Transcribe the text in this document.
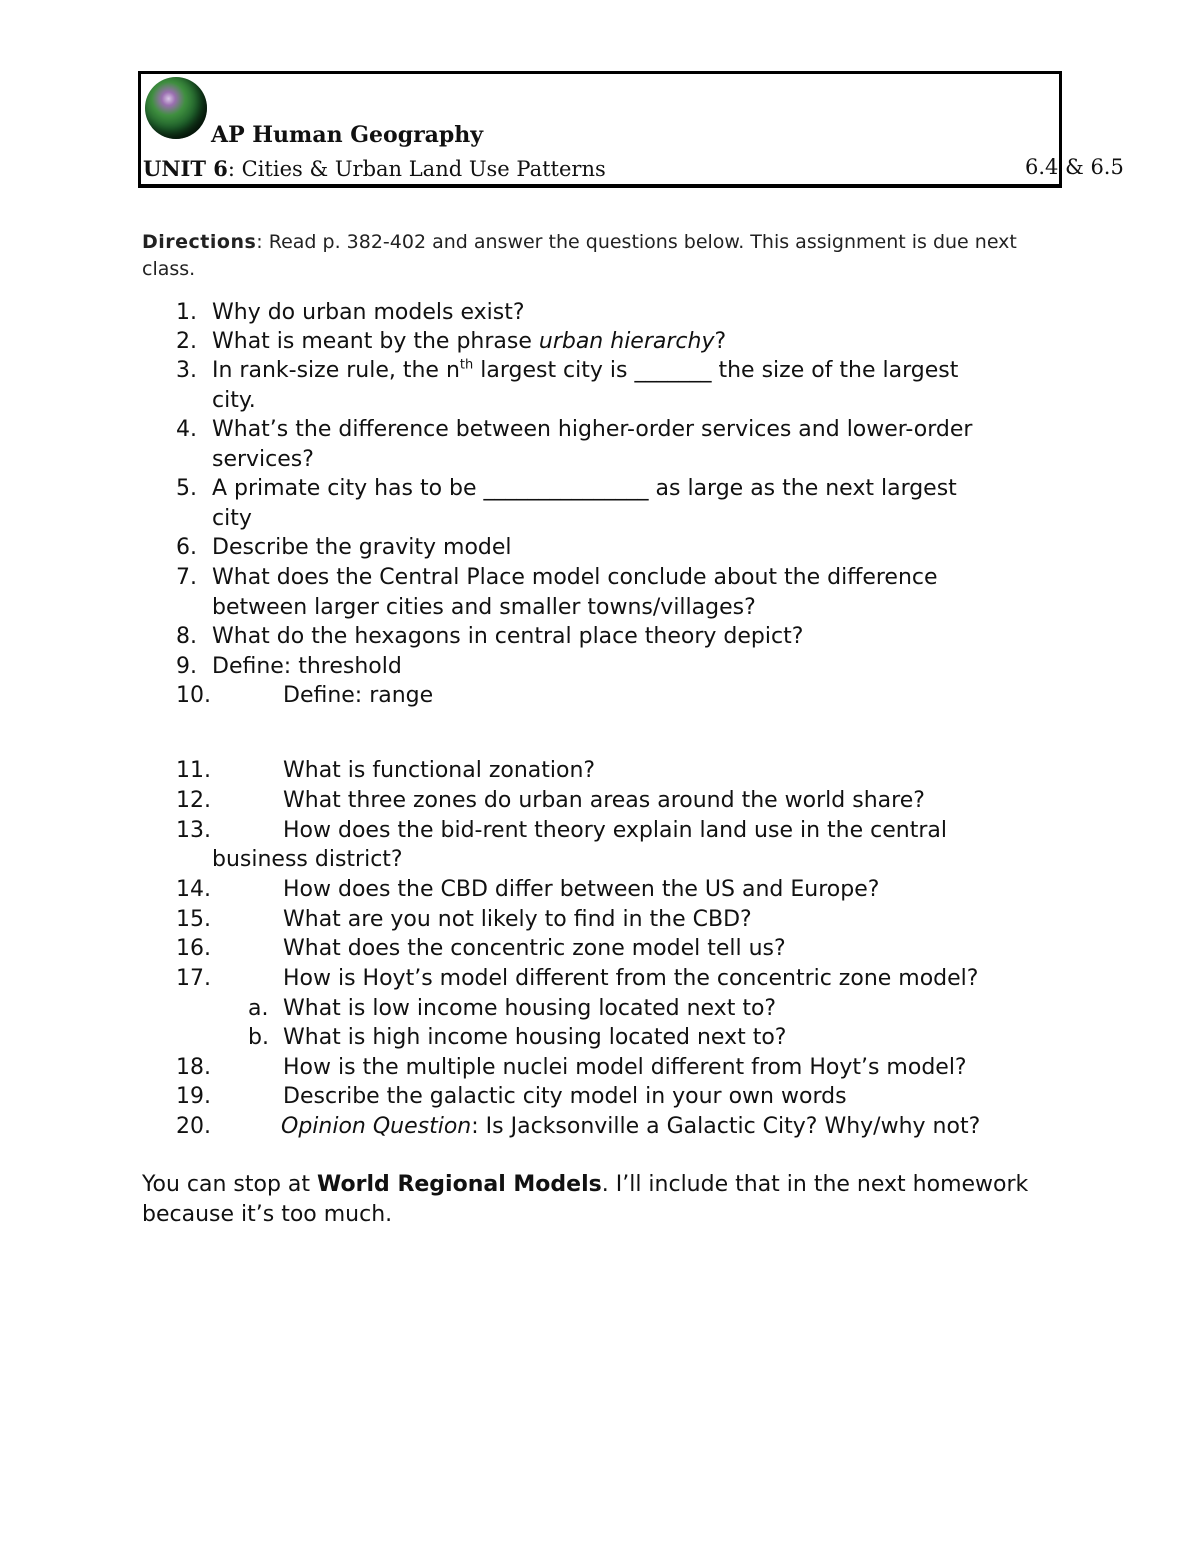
AP Human Geography
UNIT 6: Cities & Urban Land Use Patterns	6.4 & 6.5
Directions: Read p. 382-402 and answer the questions below. This assignment is due next class.
1. Why do urban models exist?
2. What is meant by the phrase urban hierarchy?
3. In rank-size rule, the $n^{th}$ largest city is _______ the size of the largest
city.
4. What’s the difference between higher-order services and lower-order
services?
5. A primate city has to be _______________ as large as the next largest
city
6. Describe the gravity model
7. What does the Central Place model conclude about the difference
between larger cities and smaller towns/villages?
8. What do the hexagons in central place theory depict?
9. Define: threshold
10.	Define: range
11.	What is functional zonation?
12.	What three zones do urban areas around the world share?
13.	How does the bid-rent theory explain land use in the central
business district?
14.	How does the CBD differ between the US and Europe?
15.	What are you not likely to find in the CBD?
16.	What does the concentric zone model tell us?
17.	How is Hoyt’s model different from the concentric zone model?
a. What is low income housing located next to?
b. What is high income housing located next to?
18.	How is the multiple nuclei model different from Hoyt’s model?
19.	Describe the galactic city model in your own words
20.	Opinion Question: Is Jacksonville a Galactic City? Why/why not?
You can stop at World Regional Models. I’ll include that in the next homework because it’s too much.
